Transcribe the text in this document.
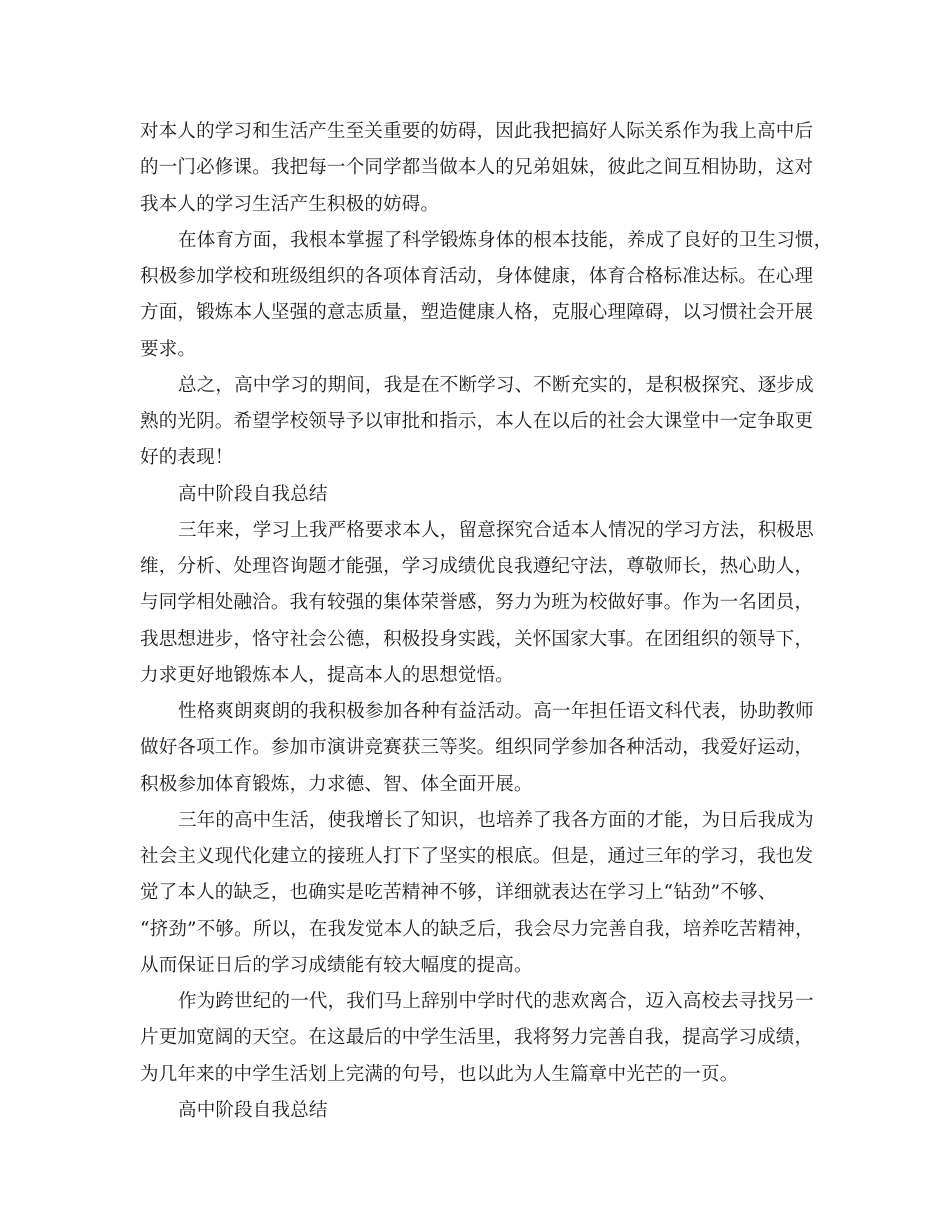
对本人的学习和生活产生至关重要的妨碍，因此我把搞好人际关系作为我上高中后
的一门必修课。我把每一个同学都当做本人的兄弟姐妹，彼此之间互相协助，这对
我本人的学习生活产生积极的妨碍。
在体育方面，我根本掌握了科学锻炼身体的根本技能，养成了良好的卫生习惯，
积极参加学校和班级组织的各项体育活动，身体健康，体育合格标准达标。在心理
方面，锻炼本人坚强的意志质量，塑造健康人格，克服心理障碍，以习惯社会开展
要求。
总之，高中学习的期间，我是在不断学习、不断充实的，是积极探究、逐步成
熟的光阴。希望学校领导予以审批和指示，本人在以后的社会大课堂中一定争取更
好的表现！
高中阶段自我总结
三年来，学习上我严格要求本人，留意探究合适本人情况的学习方法，积极思
维，分析、处理咨询题才能强，学习成绩优良我遵纪守法，尊敬师长，热心助人，
与同学相处融洽。我有较强的集体荣誉感，努力为班为校做好事。作为一名团员，
我思想进步，恪守社会公德，积极投身实践，关怀国家大事。在团组织的领导下，
力求更好地锻炼本人，提高本人的思想觉悟。
性格爽朗爽朗的我积极参加各种有益活动。高一年担任语文科代表，协助教师
做好各项工作。参加市演讲竞赛获三等奖。组织同学参加各种活动，我爱好运动，
积极参加体育锻炼，力求德、智、体全面开展。
三年的高中生活，使我增长了知识，也培养了我各方面的才能，为日后我成为
社会主义现代化建立的接班人打下了坚实的根底。但是，通过三年的学习，我也发
觉了本人的缺乏，也确实是吃苦精神不够，详细就表达在学习上“钻劲”不够、
“挤劲”不够。所以，在我发觉本人的缺乏后，我会尽力完善自我，培养吃苦精神，
从而保证日后的学习成绩能有较大幅度的提高。
作为跨世纪的一代，我们马上辞别中学时代的悲欢离合，迈入高校去寻找另一
片更加宽阔的天空。在这最后的中学生活里，我将努力完善自我，提高学习成绩，
为几年来的中学生活划上完满的句号，也以此为人生篇章中光芒的一页。
高中阶段自我总结
